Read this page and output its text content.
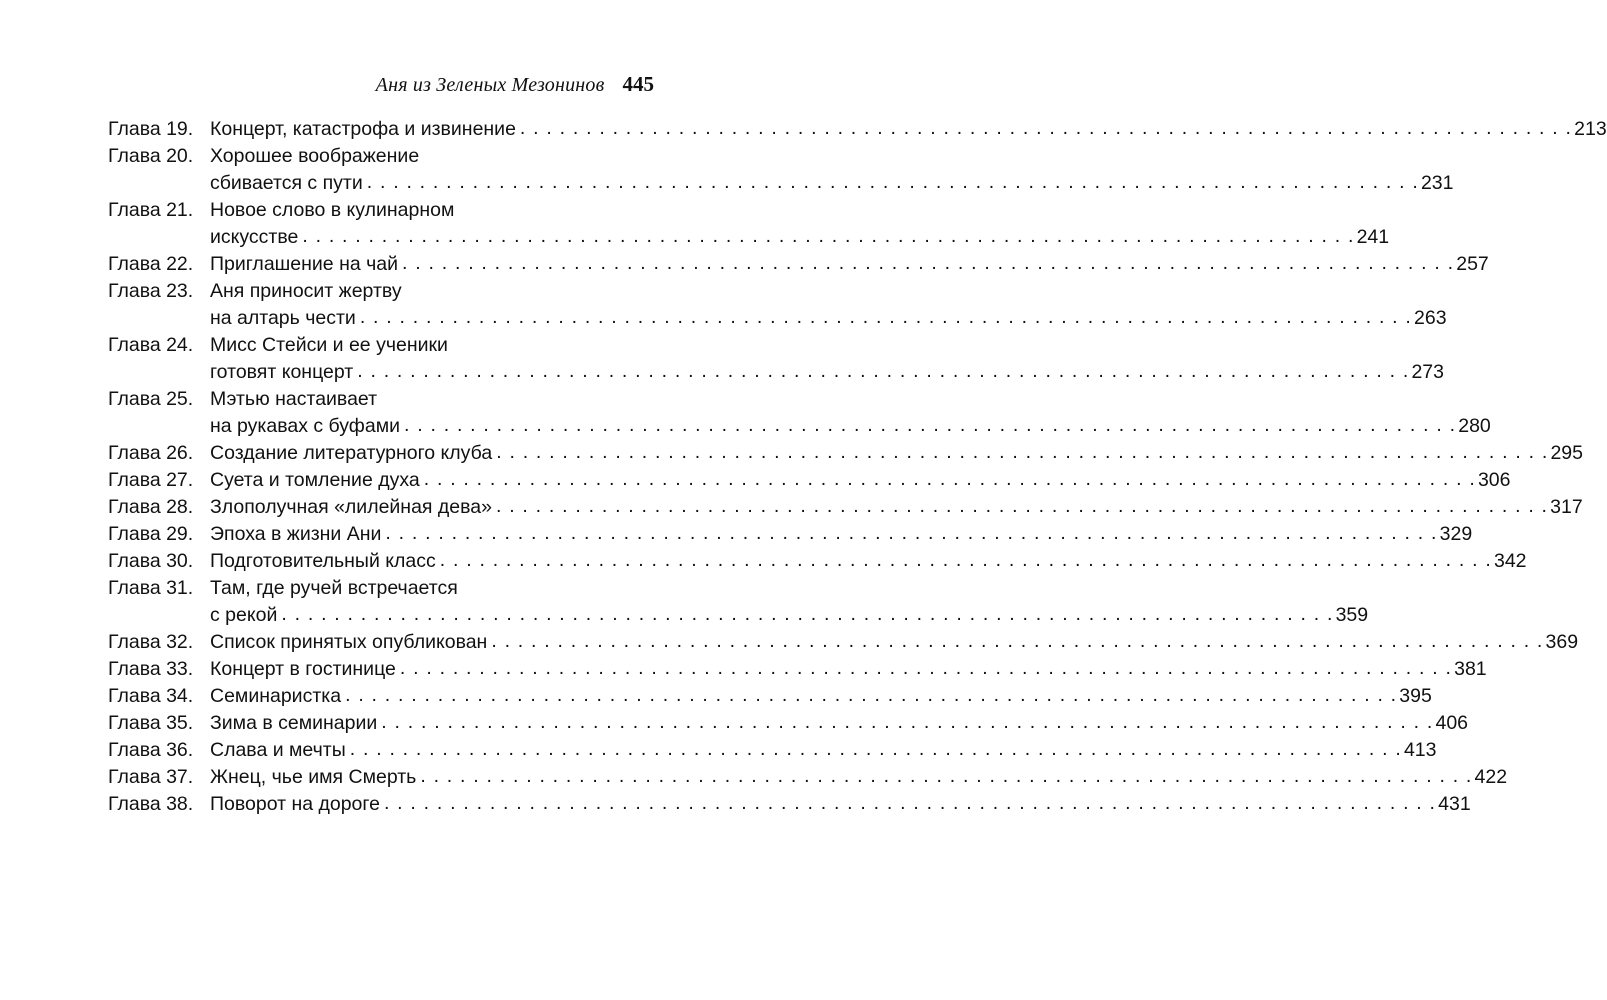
Аня из Зеленых Мезонинов 445
Глава 19. Концерт, катастрофа и извинение . . . . . . . . . . . . . . . . . . . . . . . . . . . . . . . . . . . . . . . . . . . . . . . . . . . . . . . . . . . . . . . . . . . . . . . . . . . . . . . . 213
Глава 20. Хорошее воображение
сбивается с пути . . . . . . . . . . . . . . . . . . . . . . . . . . . . . . . . . . . . . . . . . . . . . . . . . . . . . . . . . . . . . . . . . . . . . . . . . . . . . . . . 231
Глава 21. Новое слово в кулинарном
искусстве . . . . . . . . . . . . . . . . . . . . . . . . . . . . . . . . . . . . . . . . . . . . . . . . . . . . . . . . . . . . . . . . . . . . . . . . . . . . . . . . 241
Глава 22. Приглашение на чай . . . . . . . . . . . . . . . . . . . . . . . . . . . . . . . . . . . . . . . . . . . . . . . . . . . . . . . . . . . . . . . . . . . . . . . . . . . . . . . . 257
Глава 23. Аня приносит жертву
на алтарь чести . . . . . . . . . . . . . . . . . . . . . . . . . . . . . . . . . . . . . . . . . . . . . . . . . . . . . . . . . . . . . . . . . . . . . . . . . . . . . . . . 263
Глава 24. Мисс Стейси и ее ученики
готовят концерт . . . . . . . . . . . . . . . . . . . . . . . . . . . . . . . . . . . . . . . . . . . . . . . . . . . . . . . . . . . . . . . . . . . . . . . . . . . . . . . . 273
Глава 25. Мэтью настаивает
на рукавах с буфами . . . . . . . . . . . . . . . . . . . . . . . . . . . . . . . . . . . . . . . . . . . . . . . . . . . . . . . . . . . . . . . . . . . . . . . . . . . . . . . . 280
Глава 26. Создание литературного клуба . . . . . . . . . . . . . . . . . . . . . . . . . . . . . . . . . . . . . . . . . . . . . . . . . . . . . . . . . . . . . . . . . . . . . . . . . . . . . . . . 295
Глава 27. Суета и томление духа . . . . . . . . . . . . . . . . . . . . . . . . . . . . . . . . . . . . . . . . . . . . . . . . . . . . . . . . . . . . . . . . . . . . . . . . . . . . . . . . 306
Глава 28. Злополучная «лилейная дева» . . . . . . . . . . . . . . . . . . . . . . . . . . . . . . . . . . . . . . . . . . . . . . . . . . . . . . . . . . . . . . . . . . . . . . . . . . . . . . . . 317
Глава 29. Эпоха в жизни Ани . . . . . . . . . . . . . . . . . . . . . . . . . . . . . . . . . . . . . . . . . . . . . . . . . . . . . . . . . . . . . . . . . . . . . . . . . . . . . . . . 329
Глава 30. Подготовительный класс . . . . . . . . . . . . . . . . . . . . . . . . . . . . . . . . . . . . . . . . . . . . . . . . . . . . . . . . . . . . . . . . . . . . . . . . . . . . . . . . 342
Глава 31. Там, где ручей встречается
с рекой . . . . . . . . . . . . . . . . . . . . . . . . . . . . . . . . . . . . . . . . . . . . . . . . . . . . . . . . . . . . . . . . . . . . . . . . . . . . . . . . 359
Глава 32. Список принятых опубликован . . . . . . . . . . . . . . . . . . . . . . . . . . . . . . . . . . . . . . . . . . . . . . . . . . . . . . . . . . . . . . . . . . . . . . . . . . . . . . . . 369
Глава 33. Концерт в гостинице . . . . . . . . . . . . . . . . . . . . . . . . . . . . . . . . . . . . . . . . . . . . . . . . . . . . . . . . . . . . . . . . . . . . . . . . . . . . . . . . 381
Глава 34. Семинаристка . . . . . . . . . . . . . . . . . . . . . . . . . . . . . . . . . . . . . . . . . . . . . . . . . . . . . . . . . . . . . . . . . . . . . . . . . . . . . . . . 395
Глава 35. Зима в семинарии . . . . . . . . . . . . . . . . . . . . . . . . . . . . . . . . . . . . . . . . . . . . . . . . . . . . . . . . . . . . . . . . . . . . . . . . . . . . . . . . 406
Глава 36. Слава и мечты . . . . . . . . . . . . . . . . . . . . . . . . . . . . . . . . . . . . . . . . . . . . . . . . . . . . . . . . . . . . . . . . . . . . . . . . . . . . . . . . 413
Глава 37. Жнец, чье имя Смерть . . . . . . . . . . . . . . . . . . . . . . . . . . . . . . . . . . . . . . . . . . . . . . . . . . . . . . . . . . . . . . . . . . . . . . . . . . . . . . . . 422
Глава 38. Поворот на дороге . . . . . . . . . . . . . . . . . . . . . . . . . . . . . . . . . . . . . . . . . . . . . . . . . . . . . . . . . . . . . . . . . . . . . . . . . . . . . . . . 431
